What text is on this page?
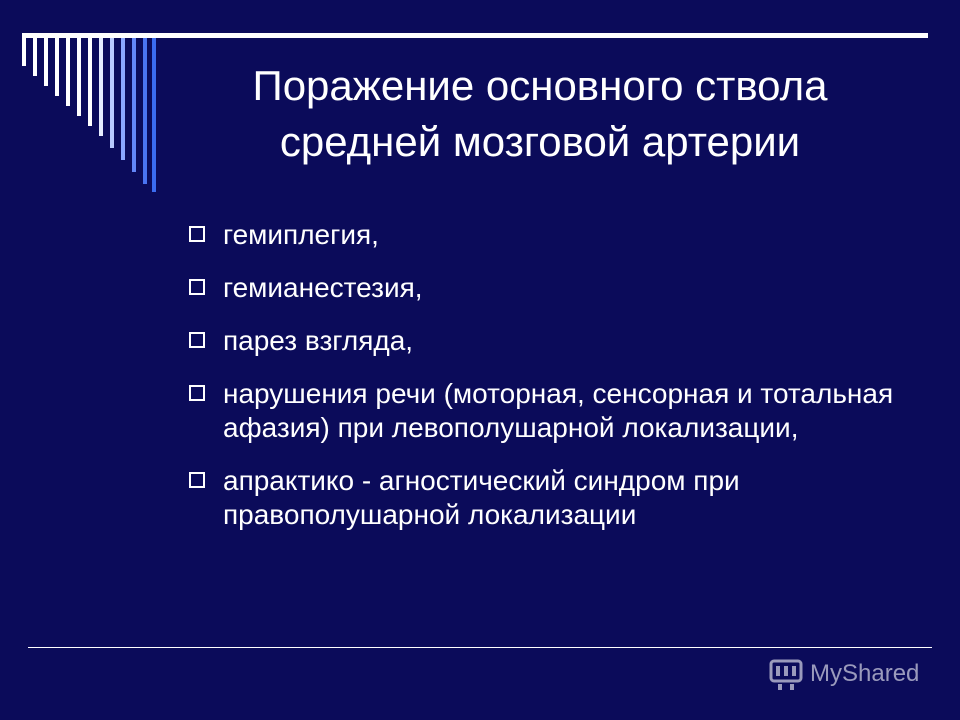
Поражение основного ствола
средней мозговой артерии
гемиплегия,
гемианестезия,
парез взгляда,
нарушения речи (моторная, сенсорная и тотальная афазия) при левополушарной локализации,
апрактико - агностический синдром при правополушарной локализации
MyShared
